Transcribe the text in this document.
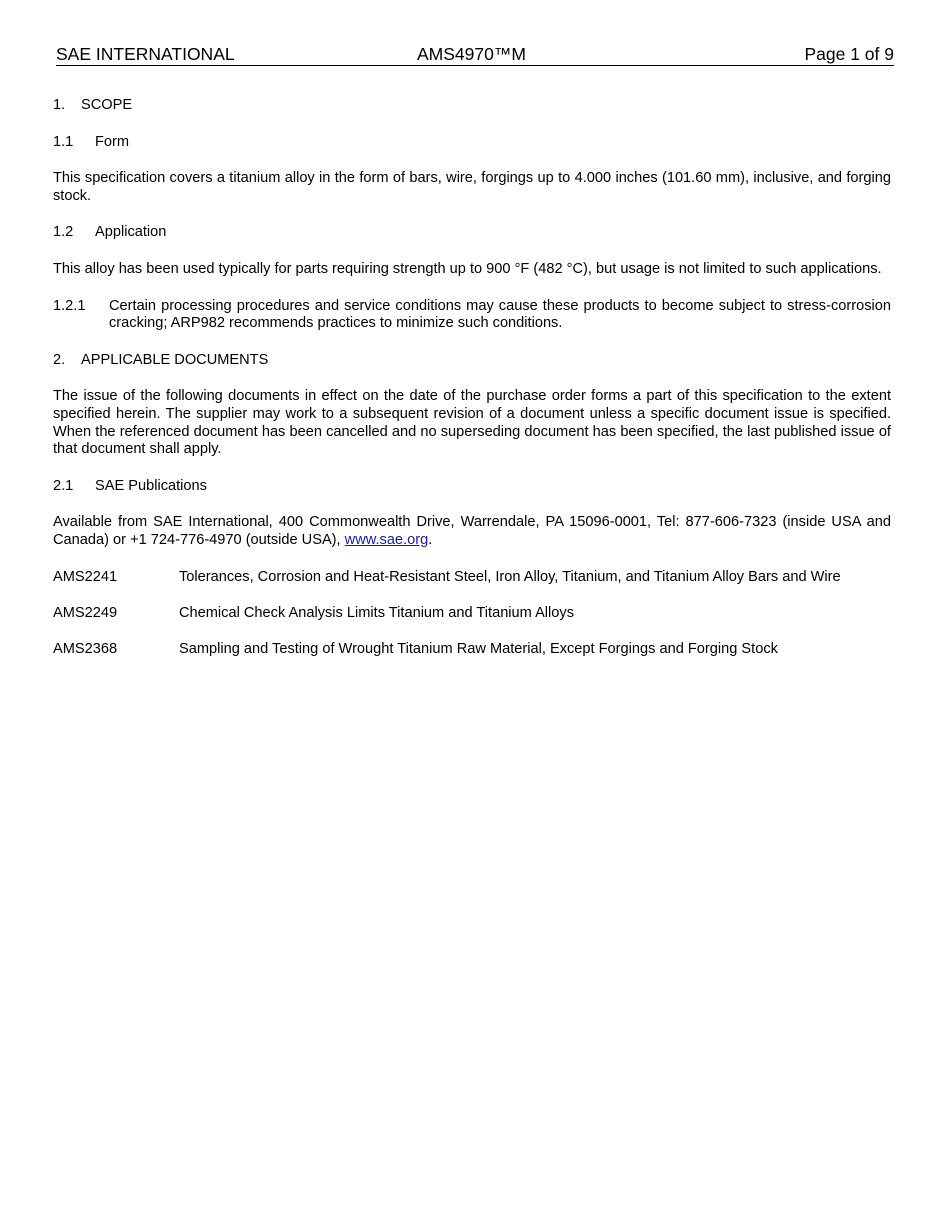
SAE INTERNATIONAL	AMS4970™M	Page 1 of 9
1. SCOPE
1.1 Form

This specification covers a titanium alloy in the form of bars, wire, forgings up to 4.000 inches (101.60 mm), inclusive, and forging stock.

1.2 Application

This alloy has been used typically for parts requiring strength up to 900 °F (482 °C), but usage is not limited to such applications.

1.2.1 Certain processing procedures and service conditions may cause these products to become subject to stress-corrosion cracking; ARP982 recommends practices to minimize such conditions.
2. APPLICABLE DOCUMENTS

The issue of the following documents in effect on the date of the purchase order forms a part of this specification to the extent specified herein. The supplier may work to a subsequent revision of a document unless a specific document issue is specified. When the referenced document has been cancelled and no superseding document has been specified, the last published issue of that document shall apply.

2.1 SAE Publications

Available from SAE International, 400 Commonwealth Drive, Warrendale, PA 15096-0001, Tel: 877-606-7323 (inside USA and Canada) or +1 724-776-4970 (outside USA), www.sae.org.

AMS2241	Tolerances, Corrosion and Heat-Resistant Steel, Iron Alloy, Titanium, and Titanium Alloy Bars and Wire
AMS2249	Chemical Check Analysis Limits Titanium and Titanium Alloys
AMS2368	Sampling and Testing of Wrought Titanium Raw Material, Except Forgings and Forging Stock
